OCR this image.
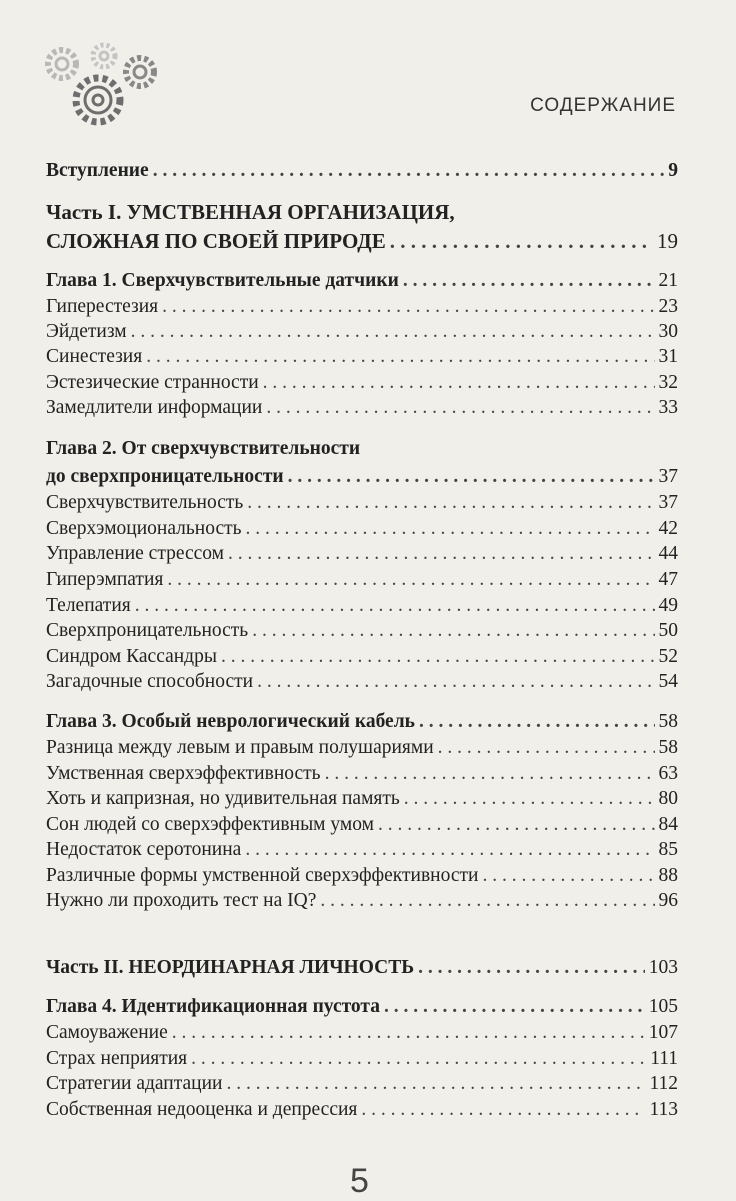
СОДЕРЖАНИЕ
Вступление . . .	9
Часть I. УМСТВЕННАЯ ОРГАНИЗАЦИЯ,
СЛОЖНАЯ ПО СВОЕЙ ПРИРОДЕ . . .	19
Глава 1. Сверхчувствительные датчики . . .	21
Гиперестезия . . .	23
Эйдетизм . . .	30
Синестезия . . .	31
Эстезические странности . . .	32
Замедлители информации . . .	33
Глава 2. От сверхчувствительности
до сверхпроницательности . . .	37
Сверхчувствительность . . .	37
Сверхэмоциональность . . .	42
Управление стрессом . . .	44
Гиперэмпатия . . .	47
Телепатия . . .	49
Сверхпроницательность . . .	50
Синдром Кассандры . . .	52
Загадочные способности . . .	54
Глава 3. Особый неврологический кабель . . .	58
Разница между левым и правым полушариями . . .	58
Умственная сверхэффективность . . .	63
Хоть и капризная, но удивительная память . . .	80
Сон людей со сверхэффективным умом . . .	84
Недостаток серотонина . . .	85
Различные формы умственной сверхэффективности . . .	88
Нужно ли проходить тест на IQ? . . .	96
Часть II. НЕОРДИНАРНАЯ ЛИЧНОСТЬ . . .	103
Глава 4. Идентификационная пустота . . .	105
Самоуважение . . .	107
Страх неприятия . . .	111
Стратегии адаптации . . .	112
Собственная недооценка и депрессия . . .	113
5
